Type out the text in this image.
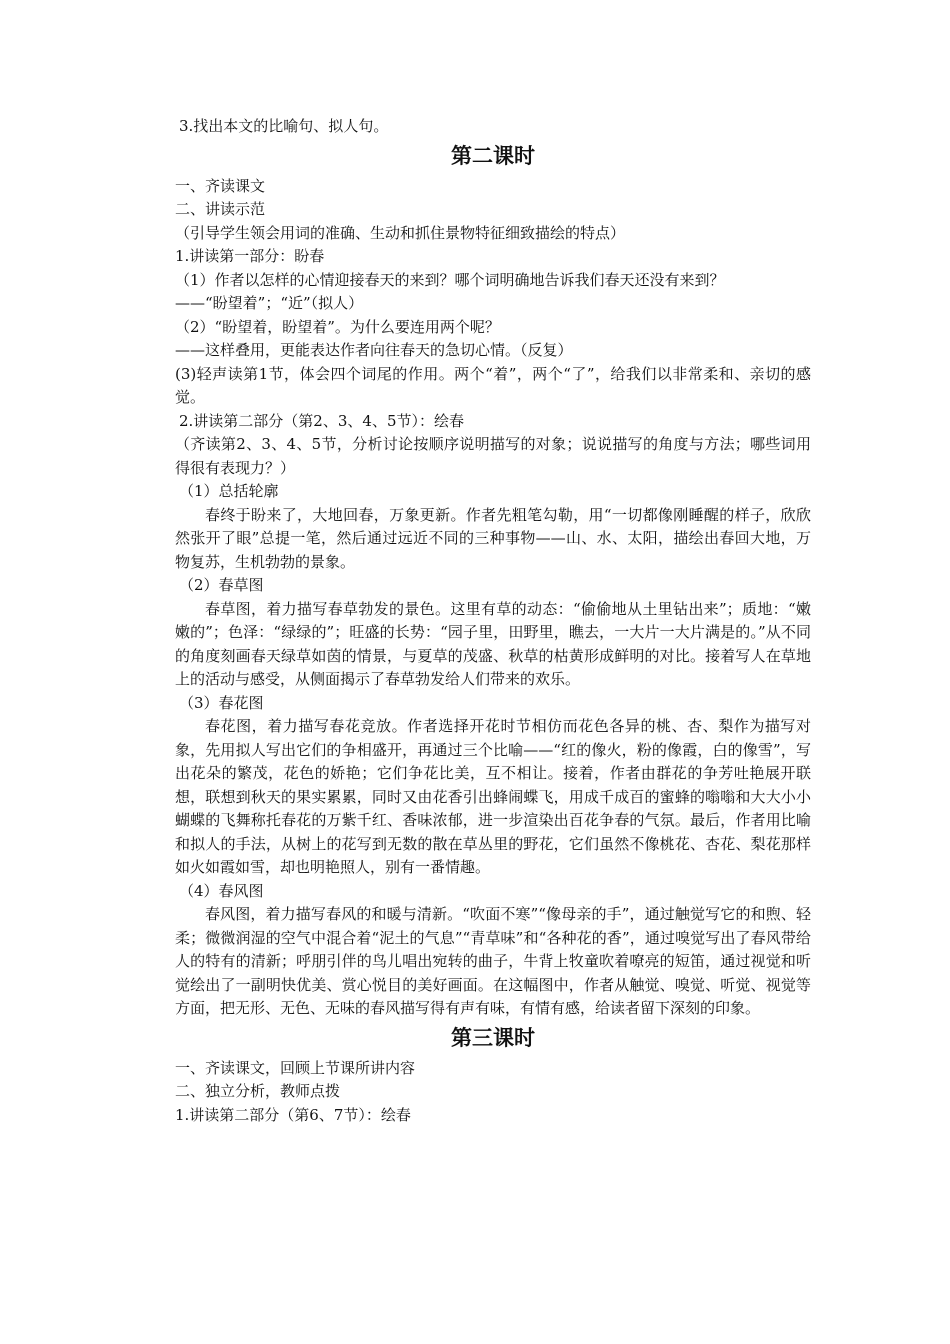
3.找出本文的比喻句、拟人句。
第二课时
一、齐读课文
二、讲读示范
（引导学生领会用词的准确、生动和抓住景物特征细致描绘的特点）
1.讲读第一部分：盼春
（1）作者以怎样的心情迎接春天的来到？哪个词明确地告诉我们春天还没有来到？
——“盼望着”；“近”（拟人）
（2）“盼望着，盼望着”。为什么要连用两个呢？
——这样叠用，更能表达作者向往春天的急切心情。（反复）
(3)轻声读第1节，体会四个词尾的作用。两个“着”，两个“了”，给我们以非常柔和、亲切的感觉。
2.讲读第二部分（第2、3、4、5节）：绘春
（齐读第2、3、4、5节，分析讨论按顺序说明描写的对象；说说描写的角度与方法；哪些词用得很有表现力？）
（1）总括轮廓
春终于盼来了，大地回春，万象更新。作者先粗笔勾勒，用“一切都像刚睡醒的样子，欣欣然张开了眼”总提一笔，然后通过远近不同的三种事物——山、水、太阳，描绘出春回大地，万物复苏，生机勃勃的景象。
（2）春草图
春草图，着力描写春草勃发的景色。这里有草的动态：“偷偷地从土里钻出来”；质地：“嫩嫩的”；色泽：“绿绿的”；旺盛的长势：“园子里，田野里，瞧去，一大片一大片满是的。”从不同的角度刻画春天绿草如茵的情景，与夏草的茂盛、秋草的枯黄形成鲜明的对比。接着写人在草地上的活动与感受，从侧面揭示了春草勃发给人们带来的欢乐。
（3）春花图
春花图，着力描写春花竞放。作者选择开花时节相仿而花色各异的桃、杏、梨作为描写对象，先用拟人写出它们的争相盛开，再通过三个比喻——“红的像火，粉的像霞，白的像雪”，写出花朵的繁茂，花色的娇艳；它们争花比美，互不相让。接着，作者由群花的争芳吐艳展开联想，联想到秋天的果实累累，同时又由花香引出蜂闹蝶飞，用成千成百的蜜蜂的嗡嗡和大大小小蝴蝶的飞舞称托春花的万紫千红、香味浓郁，进一步渲染出百花争春的气氛。最后，作者用比喻和拟人的手法，从树上的花写到无数的散在草丛里的野花，它们虽然不像桃花、杏花、梨花那样如火如霞如雪，却也明艳照人，别有一番情趣。
（4）春风图
春风图，着力描写春风的和暖与清新。“吹面不寒”“像母亲的手”，通过触觉写它的和煦、轻柔；微微润湿的空气中混合着“泥土的气息”“青草味”和“各种花的香”，通过嗅觉写出了春风带给人的特有的清新；呼朋引伴的鸟儿唱出宛转的曲子，牛背上牧童吹着嘹亮的短笛，通过视觉和听觉绘出了一副明快优美、赏心悦目的美好画面。在这幅图中，作者从触觉、嗅觉、听觉、视觉等方面，把无形、无色、无味的春风描写得有声有味，有情有感，给读者留下深刻的印象。
第三课时
一、齐读课文，回顾上节课所讲内容
二、独立分析，教师点拨
1.讲读第二部分（第6、7节）：绘春
